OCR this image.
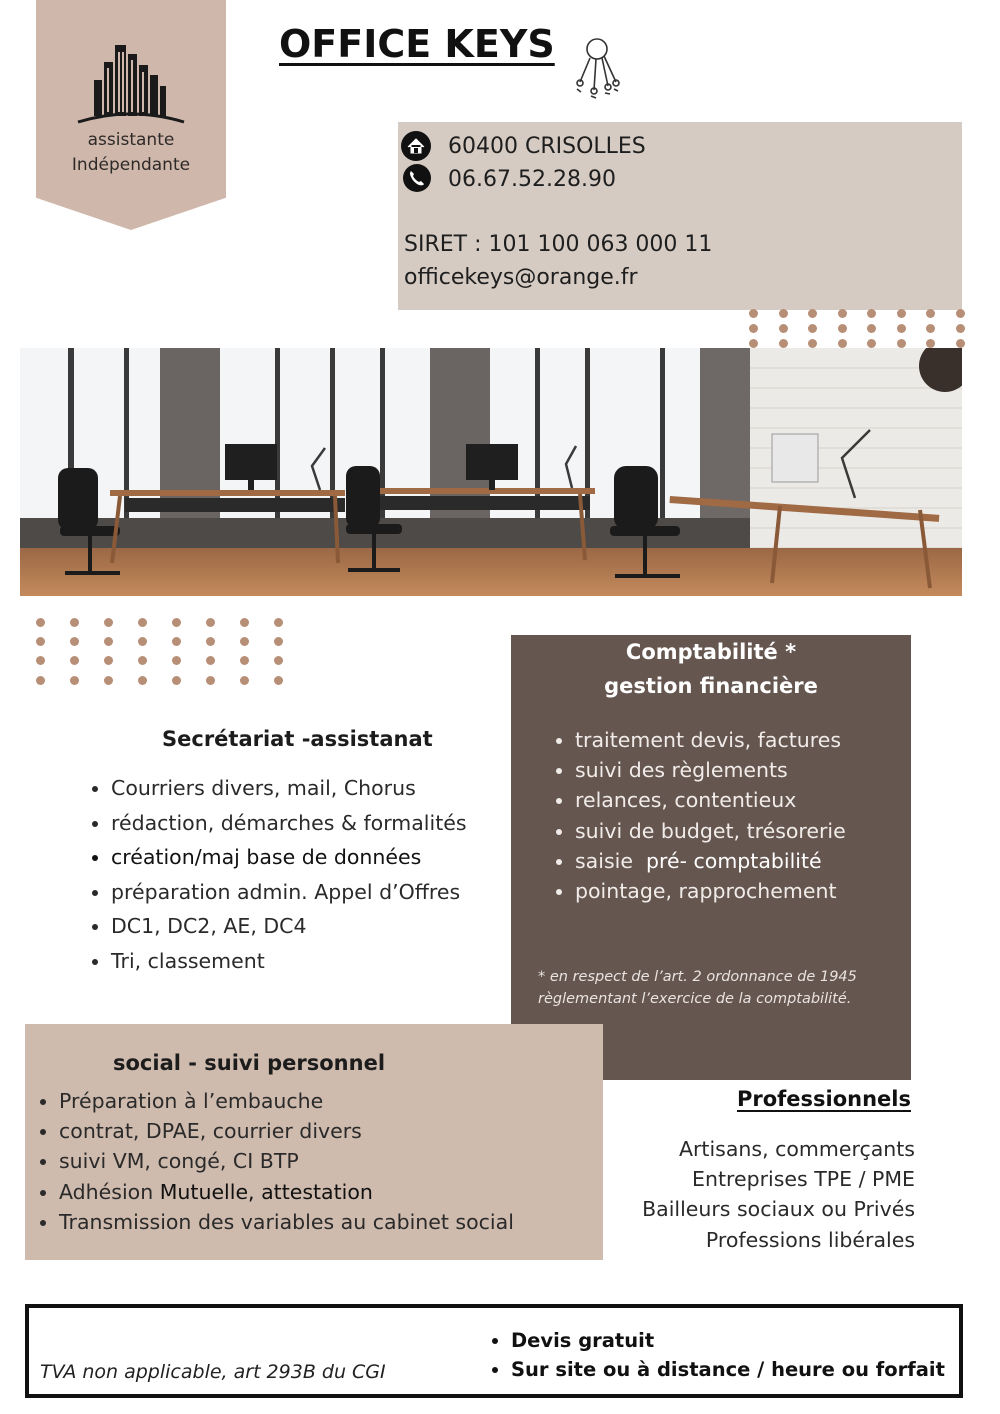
assistante
Indépendante
OFFICE KEYS
60400 CRISOLLES
06.67.52.28.90
SIRET : 101 100 063 000 11
officekeys@orange.fr
Secrétariat -assistanat
• Courriers divers, mail, Chorus
• rédaction, démarches & formalités
• création/maj base de données
• préparation admin. Appel d’Offres
• DC1, DC2, AE, DC4
• Tri, classement
Comptabilité *
gestion financière
• traitement devis, factures
• suivi des règlements
• relances, contentieux
• suivi de budget, trésorerie
• saisie pré- comptabilité
• pointage, rapprochement
* en respect de l’art. 2 ordonnance de 1945
règlementant l’exercice de la comptabilité.
social - suivi personnel
• Préparation à l’embauche
• contrat, DPAE, courrier divers
• suivi VM, congé, CI BTP
• Adhésion Mutuelle, attestation
• Transmission des variables au cabinet social
Professionnels
Artisans, commerçants
Entreprises TPE / PME
Bailleurs sociaux ou Privés
Professions libérales
TVA non applicable, art 293B du CGI
• Devis gratuit
• Sur site ou à distance / heure ou forfait
